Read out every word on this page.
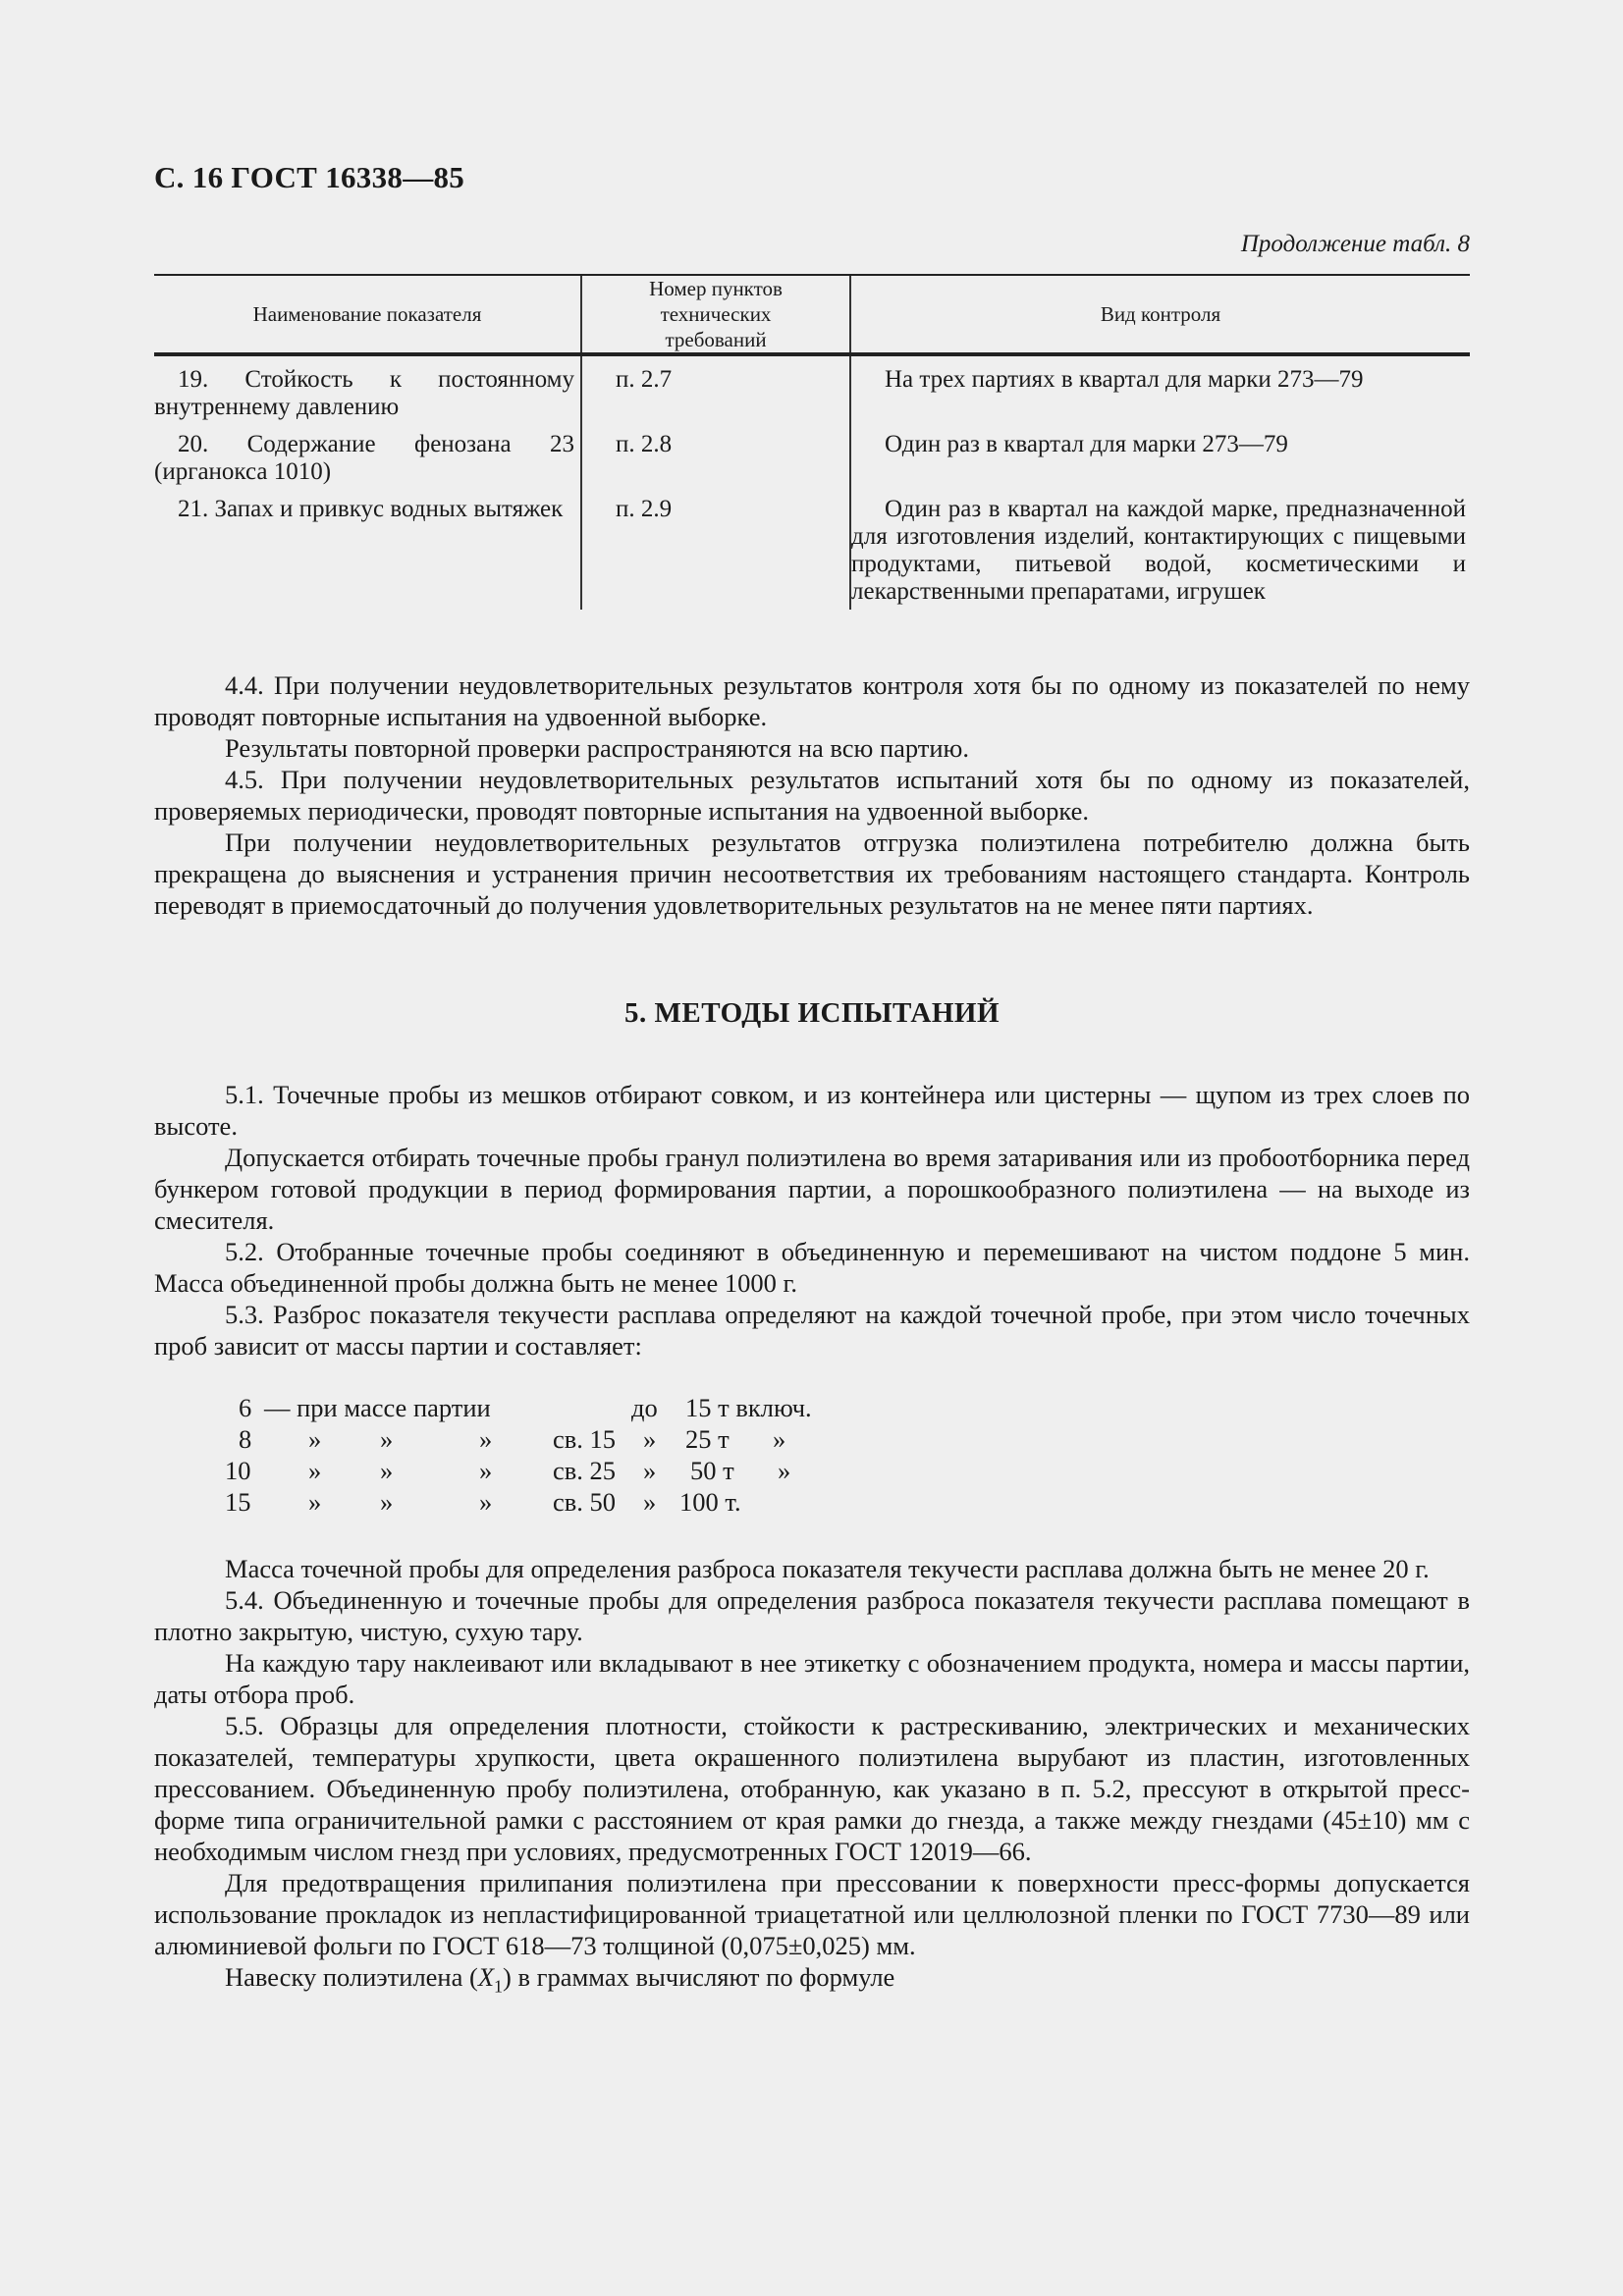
С. 16 ГОСТ 16338—85
Продолжение табл. 8
Наименование показателя	Номер пунктов технических требований	Вид контроля

19. Стойкость к постоянному внутреннему давлению	п. 2.7	На трех партиях в квартал для марки 273—79

20. Содержание фенозана 23 (ирганокса 1010)	п. 2.8	Один раз в квартал для марки 273—79

21. Запах и привкус водных вытяжек	п. 2.9	Один раз в квартал на каждой марке, предназначенной для изготовления изделий, контактирующих с пищевыми продуктами, питьевой водой, косметическими и лекарственными препаратами, игрушек

4.4. При получении неудовлетворительных результатов контроля хотя бы по одному из показателей по нему проводят повторные испытания на удвоенной выборке.

Результаты повторной проверки распространяются на всю партию.

4.5. При получении неудовлетворительных результатов испытаний хотя бы по одному из показателей, проверяемых периодически, проводят повторные испытания на удвоенной выборке.

При получении неудовлетворительных результатов отгрузка полиэтилена потребителю должна быть прекращена до выяснения и устранения причин несоответствия их требованиям настоящего стандарта. Контроль переводят в приемосдаточный до получения удовлетворительных результатов на не менее пяти партиях.

5. МЕТОДЫ ИСПЫТАНИЙ

5.1. Точечные пробы из мешков отбирают совком, и из контейнера или цистерны — щупом из трех слоев по высоте.

Допускается отбирать точечные пробы гранул полиэтилена во время затаривания или из пробоотборника перед бункером готовой продукции в период формирования партии, а порошкообразного полиэтилена — на выходе из смесителя.

5.2. Отобранные точечные пробы соединяют в объединенную и перемешивают на чистом поддоне 5 мин. Масса объединенной пробы должна быть не менее 1000 г.

5.3. Разброс показателя текучести расплава определяют на каждой точечной пробе, при этом число точечных проб зависит от массы партии и составляет:

6 — при массе партии	до 15 т включ.
8 » »	» св. 15 » 25 т »
10 » »	» св. 25 » 50 т »
15 » »	» св. 50 » 100 т.

Масса точечной пробы для определения разброса показателя текучести расплава должна быть не менее 20 г.

5.4. Объединенную и точечные пробы для определения разброса показателя текучести расплава помещают в плотно закрытую, чистую, сухую тару.

На каждую тару наклеивают или вкладывают в нее этикетку с обозначением продукта, номера и массы партии, даты отбора проб.

5.5. Образцы для определения плотности, стойкости к растрескиванию, электрических и механических показателей, температуры хрупкости, цвета окрашенного полиэтилена вырубают из пластин, изготовленных прессованием. Объединенную пробу полиэтилена, отобранную, как указано в п. 5.2, прессуют в открытой пресс-форме типа ограничительной рамки с расстоянием от края рамки до гнезда, а также между гнездами (45±10) мм с необходимым числом гнезд при условиях, предусмотренных ГОСТ 12019—66.

Для предотвращения прилипания полиэтилена при прессовании к поверхности пресс-формы допускается использование прокладок из непластифицированной триацетатной или целлюлозной пленки по ГОСТ 7730—89 или алюминиевой фольги по ГОСТ 618—73 толщиной (0,075±0,025) мм.

Навеску полиэтилена $(X_1)$ в граммах вычисляют по формуле
